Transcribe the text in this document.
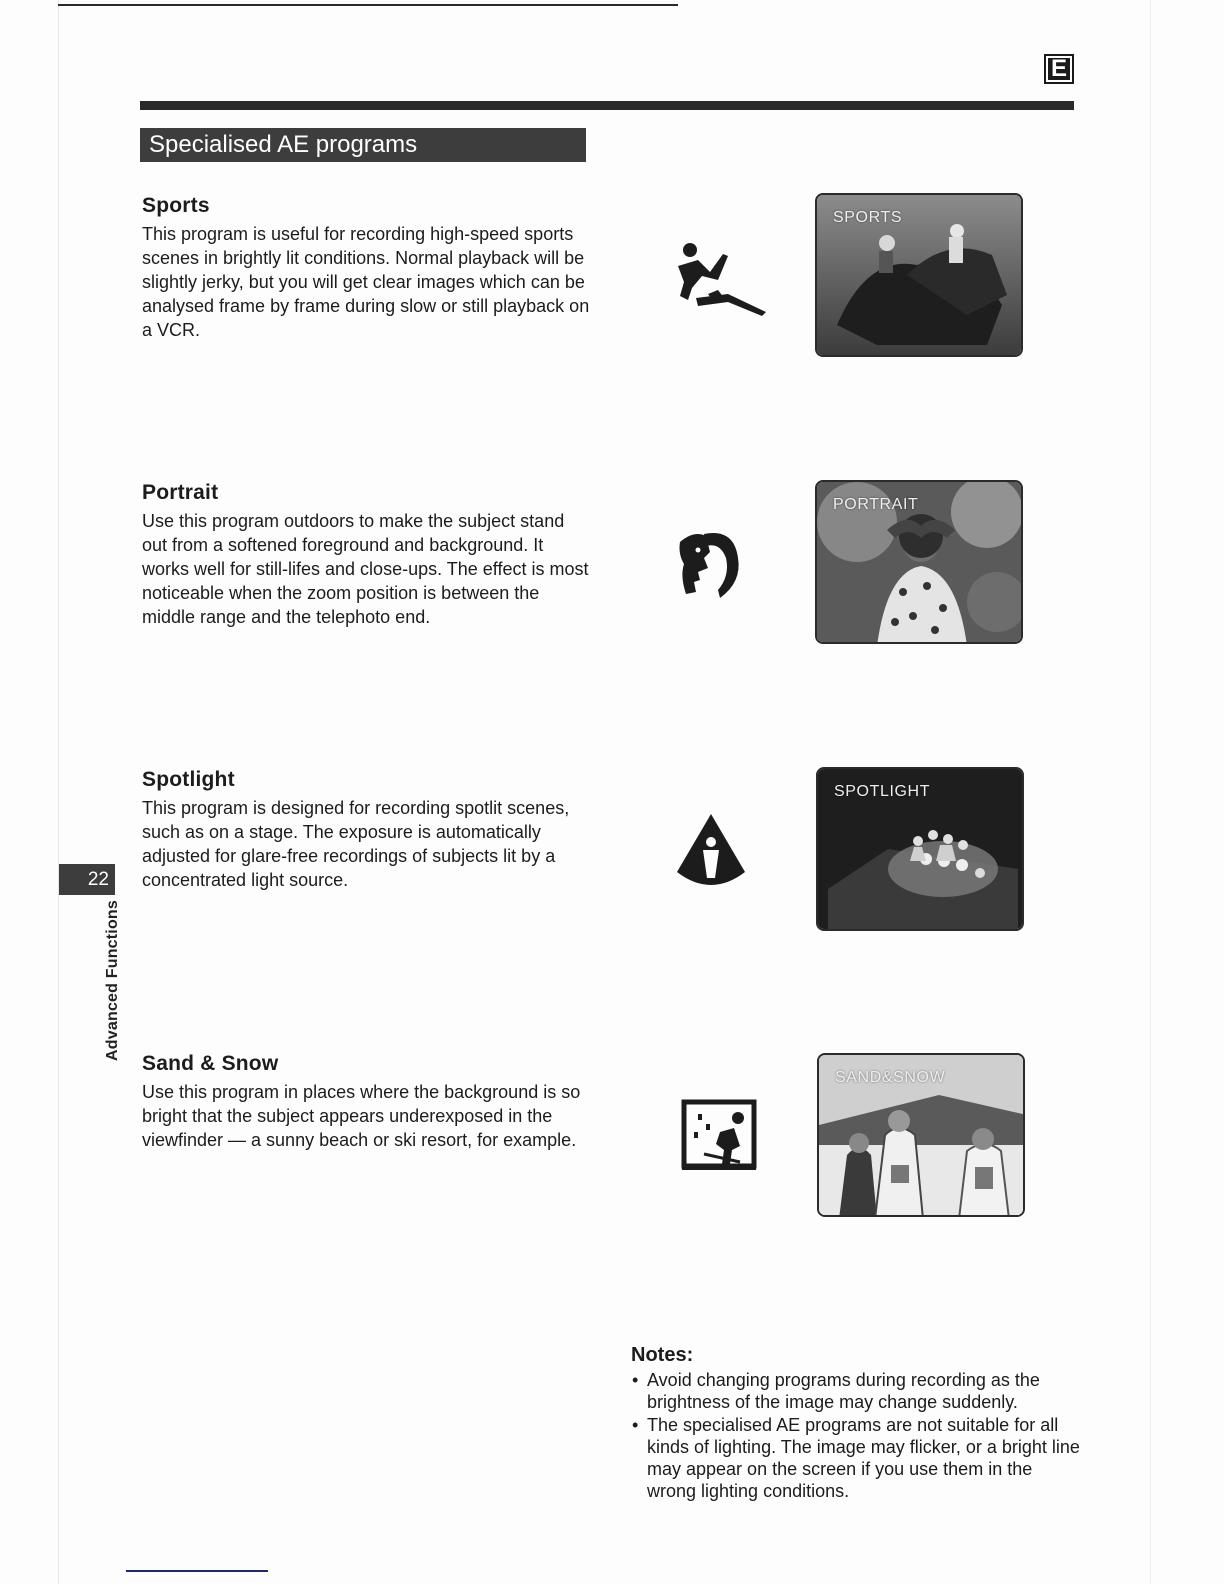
E
Specialised AE programs
Sports

This program is useful for recording high-speed sports scenes in brightly lit conditions. Normal playback will be slightly jerky, but you will get clear images which can be analysed frame by frame during slow or still playback on a VCR.

SPORTS
Portrait

Use this program outdoors to make the subject stand out from a softened foreground and background. It works well for still-lifes and close-ups. The effect is most noticeable when the zoom position is between the middle range and the telephoto end.

PORTRAIT
Spotlight

This program is designed for recording spotlit scenes, such as on a stage. The exposure is automatically adjusted for glare-free recordings of subjects lit by a concentrated light source.

SPOTLIGHT
Sand & Snow

Use this program in places where the background is so bright that the subject appears underexposed in the viewfinder — a sunny beach or ski resort, for example.

SAND&SNOW
22
Advanced Functions
Notes:
• Avoid changing programs during recording as the brightness of the image may change suddenly.
• The specialised AE programs are not suitable for all kinds of lighting. The image may flicker, or a bright line may appear on the screen if you use them in the wrong lighting conditions.
